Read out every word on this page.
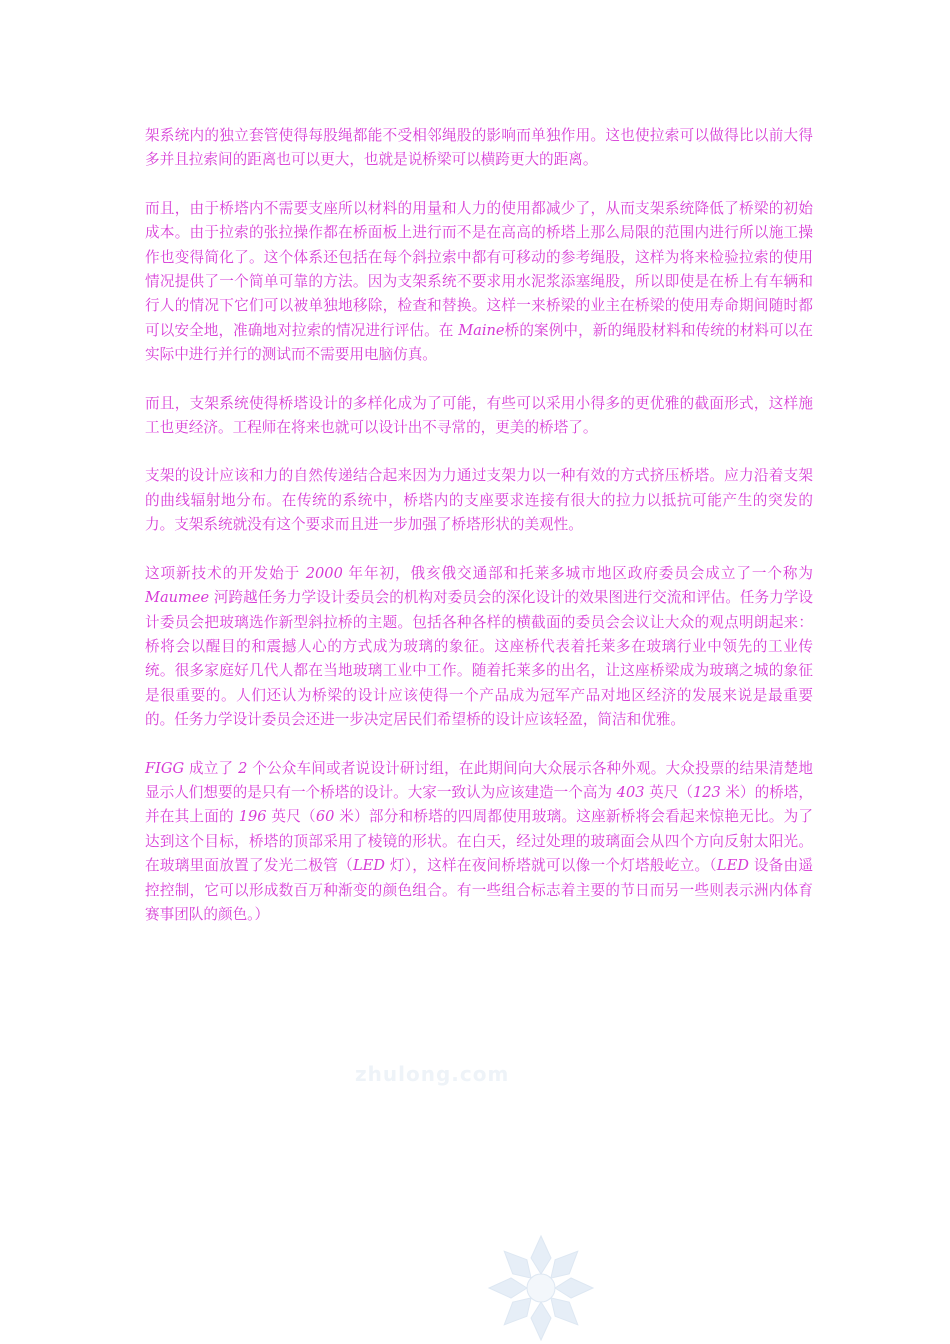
架系统内的独立套管使得每股绳都能不受相邻绳股的影响而单独作用。这也使拉索可以做得比以前大得多并且拉索间的距离也可以更大，也就是说桥梁可以横跨更大的距离。

而且，由于桥塔内不需要支座所以材料的用量和人力的使用都减少了，从而支架系统降低了桥梁的初始成本。由于拉索的张拉操作都在桥面板上进行而不是在高高的桥塔上那么局限的范围内进行所以施工操作也变得简化了。这个体系还包括在每个斜拉索中都有可移动的参考绳股，这样为将来检验拉索的使用情况提供了一个简单可靠的方法。因为支架系统不要求用水泥浆添塞绳股，所以即使是在桥上有车辆和行人的情况下它们可以被单独地移除，检查和替换。这样一来桥梁的业主在桥梁的使用寿命期间随时都可以安全地，准确地对拉索的情况进行评估。在 Maine桥的案例中，新的绳股材料和传统的材料可以在实际中进行并行的测试而不需要用电脑仿真。

而且，支架系统使得桥塔设计的多样化成为了可能，有些可以采用小得多的更优雅的截面形式，这样施工也更经济。工程师在将来也就可以设计出不寻常的，更美的桥塔了。

支架的设计应该和力的自然传递结合起来因为力通过支架力以一种有效的方式挤压桥塔。应力沿着支架的曲线辐射地分布。在传统的系统中，桥塔内的支座要求连接有很大的拉力以抵抗可能产生的突发的力。支架系统就没有这个要求而且进一步加强了桥塔形状的美观性。

这项新技术的开发始于 2000 年年初，俄亥俄交通部和托莱多城市地区政府委员会成立了一个称为 Maumee 河跨越任务力学设计委员会的机构对委员会的深化设计的效果图进行交流和评估。任务力学设计委员会把玻璃选作新型斜拉桥的主题。包括各种各样的横截面的委员会会议让大众的观点明朗起来：桥将会以醒目的和震撼人心的方式成为玻璃的象征。这座桥代表着托莱多在玻璃行业中领先的工业传统。很多家庭好几代人都在当地玻璃工业中工作。随着托莱多的出名，让这座桥梁成为玻璃之城的象征是很重要的。人们还认为桥梁的设计应该使得一个产品成为冠军产品对地区经济的发展来说是最重要的。任务力学设计委员会还进一步决定居民们希望桥的设计应该轻盈，简洁和优雅。

FIGG 成立了 2 个公众车间或者说设计研讨组，在此期间向大众展示各种外观。大众投票的结果清楚地显示人们想要的是只有一个桥塔的设计。大家一致认为应该建造一个高为 403 英尺（123 米）的桥塔，并在其上面的 196 英尺（60 米）部分和桥塔的四周都使用玻璃。这座新桥将会看起来惊艳无比。为了达到这个目标，桥塔的顶部采用了棱镜的形状。在白天，经过处理的玻璃面会从四个方向反射太阳光。在玻璃里面放置了发光二极管（LED 灯），这样在夜间桥塔就可以像一个灯塔般屹立。（LED 设备由遥控控制，它可以形成数百万种渐变的颜色组合。有一些组合标志着主要的节日而另一些则表示洲内体育赛事团队的颜色。）

zhulong.com
